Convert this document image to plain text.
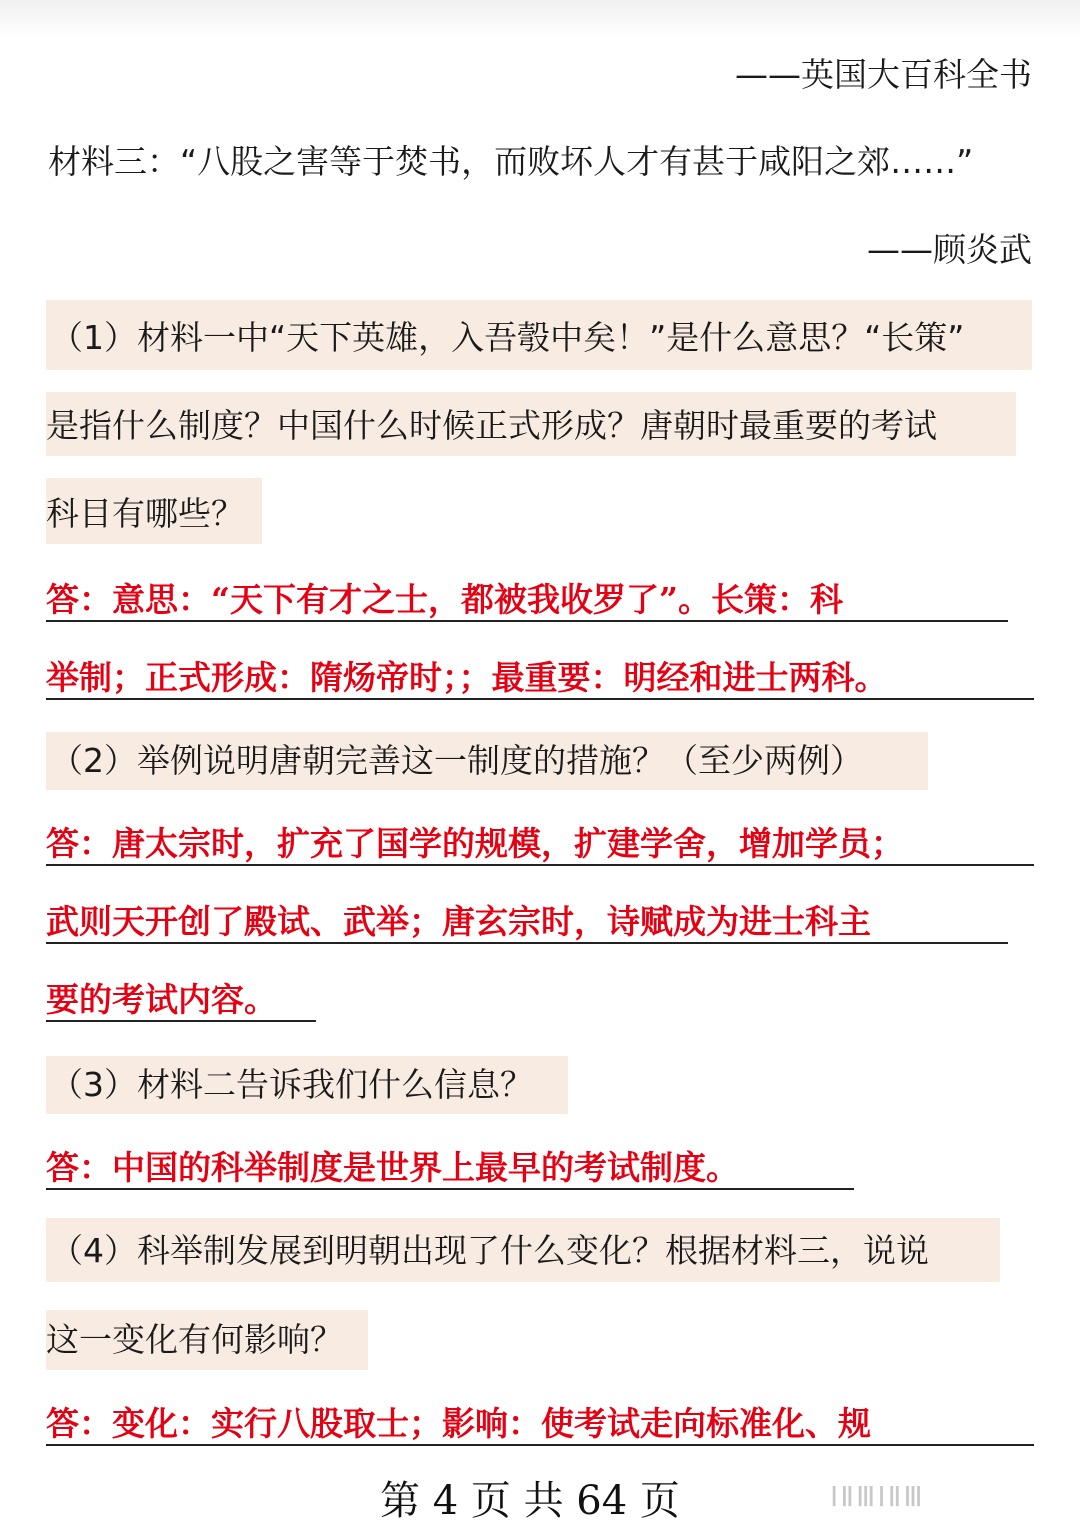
——英国大百科全书
材料三：“八股之害等于焚书，而败坏人才有甚于咸阳之郊……”
——顾炎武
（1）材料一中“天下英雄，入吾彀中矣！”是什么意思？“长策”
是指什么制度？中国什么时候正式形成？唐朝时最重要的考试
科目有哪些？
答：意思：“天下有才之士，都被我收罗了”。长策：科
举制；正式形成：隋炀帝时；；最重要：明经和进士两科。
（2）举例说明唐朝完善这一制度的措施？（至少两例）
答：唐太宗时，扩充了国学的规模，扩建学舍，增加学员；
武则天开创了殿试、武举；唐玄宗时，诗赋成为进士科主
要的考试内容。
（3）材料二告诉我们什么信息？
答：中国的科举制度是世界上最早的考试制度。
（4）科举制发展到明朝出现了什么变化？根据材料三，说说
这一变化有何影响？
答：变化：实行八股取士；影响：使考试走向标准化、规
第 4 页 共 64 页	ⅠⅡⅢⅠⅡⅢ
